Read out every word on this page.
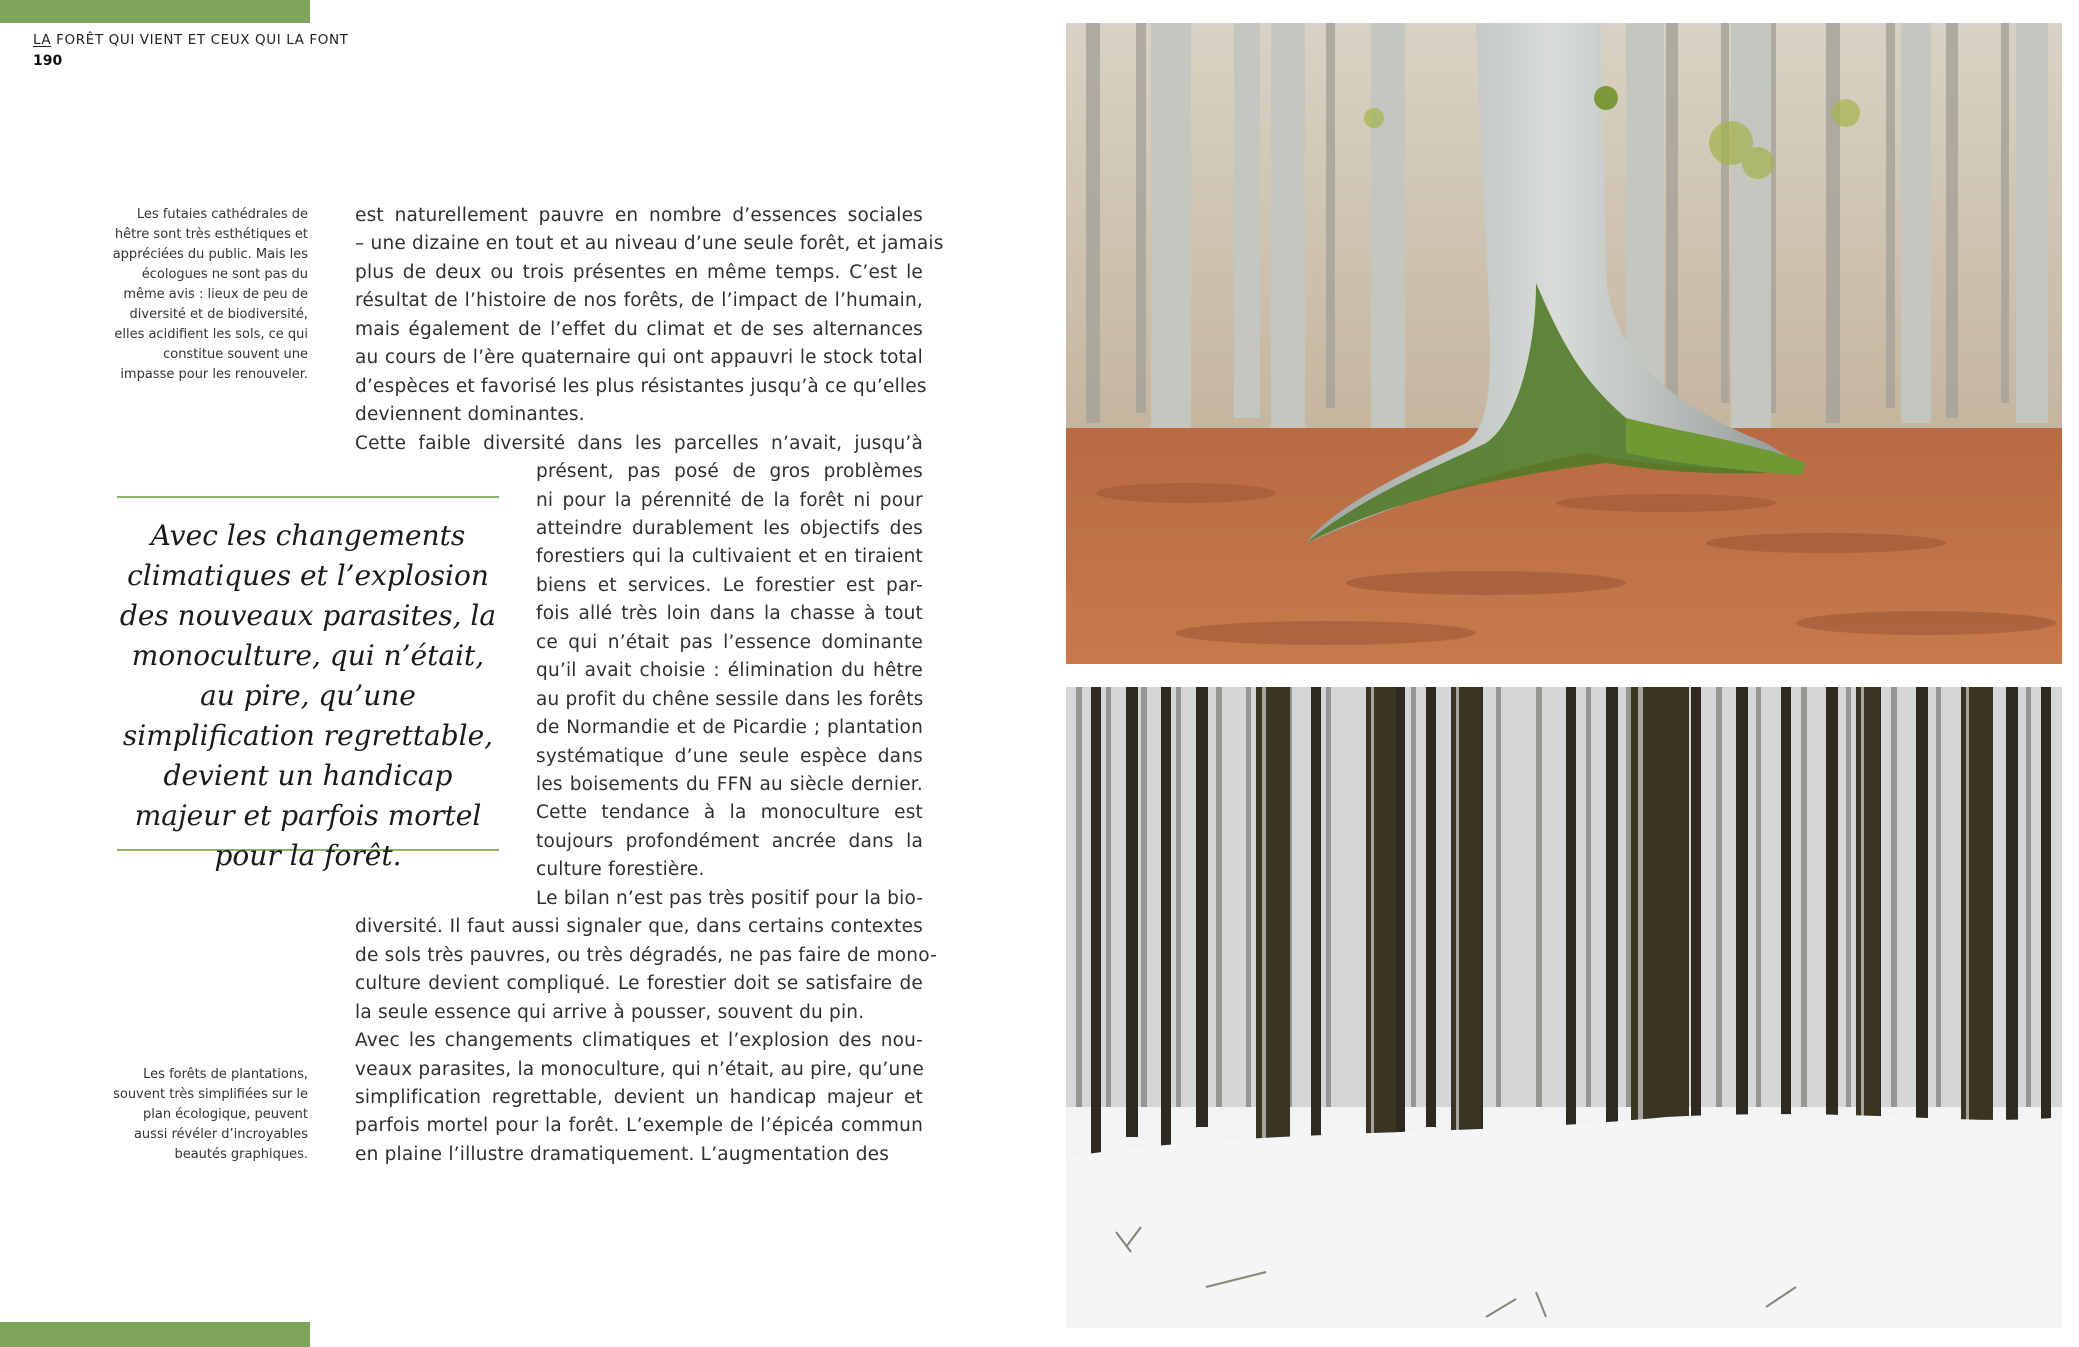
LA FORÊT QUI VIENT ET CEUX QUI LA FONT
190
Les futaies cathédrales de hêtre sont très esthétiques et appréciées du public. Mais les écologues ne sont pas du même avis : lieux de peu de diversité et de biodiversité, elles acidifient les sols, ce qui constitue souvent une impasse pour les renouveler.
Les forêts de plantations, souvent très simplifiées sur le plan écologique, peuvent aussi révéler d’incroyables beautés graphiques.

Avec les changements climatiques et l’explosion des nouveaux parasites, la monoculture, qui n’était, au pire, qu’une simplification regrettable, devient un handicap majeur et parfois mortel pour la forêt.

est naturellement pauvre en nombre d’essences sociales

– une dizaine en tout et au niveau d’une seule forêt, et jamais

plus de deux ou trois présentes en même temps. C’est le

résultat de l’histoire de nos forêts, de l’impact de l’humain,

mais également de l’effet du climat et de ses alternances

au cours de l’ère quaternaire qui ont appauvri le stock total

d’espèces et favorisé les plus résistantes jusqu’à ce qu’elles

deviennent dominantes.

Cette faible diversité dans les parcelles n’avait, jusqu’à

présent, pas posé de gros problèmes

ni pour la pérennité de la forêt ni pour

atteindre durablement les objectifs des

forestiers qui la cultivaient et en tiraient

biens et services. Le forestier est par-

fois allé très loin dans la chasse à tout

ce qui n’était pas l’essence dominante

qu’il avait choisie : élimination du hêtre

au profit du chêne sessile dans les forêts

de Normandie et de Picardie ; plantation

systématique d’une seule espèce dans

les boisements du FFN au siècle dernier.

Cette tendance à la monoculture est

toujours profondément ancrée dans la

culture forestière.

Le bilan n’est pas très positif pour la bio-

diversité. Il faut aussi signaler que, dans certains contextes

de sols très pauvres, ou très dégradés, ne pas faire de mono-

culture devient compliqué. Le forestier doit se satisfaire de

la seule essence qui arrive à pousser, souvent du pin.

Avec les changements climatiques et l’explosion des nou-

veaux parasites, la monoculture, qui n’était, au pire, qu’une

simplification regrettable, devient un handicap majeur et

parfois mortel pour la forêt. L’exemple de l’épicéa commun

en plaine l’illustre dramatiquement. L’augmentation des
